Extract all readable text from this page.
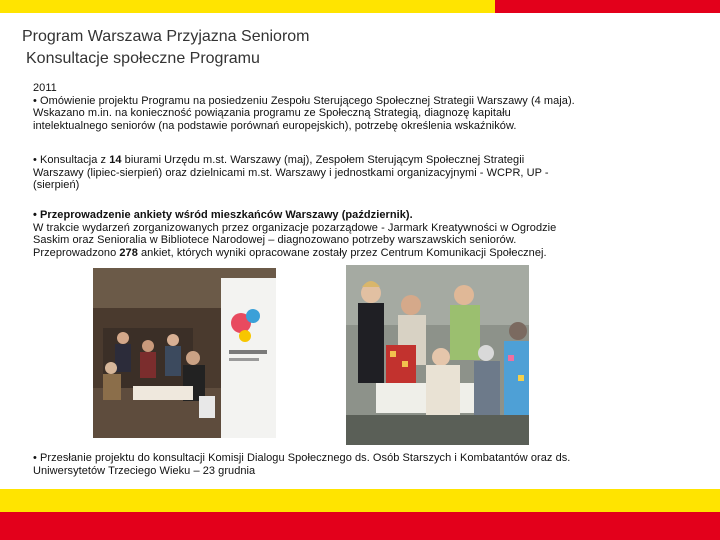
Program Warszawa Przyjazna Seniorom
Konsultacje społeczne Programu
2011
• Omówienie projektu Programu na posiedzeniu Zespołu Sterującego Społecznej Strategii Warszawy (4 maja).
Wskazano m.in. na konieczność powiązania programu ze Społeczną Strategią, diagnozę kapitału
intelektualnego seniorów (na podstawie porównań europejskich), potrzebę określenia wskaźników.
• Konsultacja z 14 biurami Urzędu m.st. Warszawy (maj), Zespołem Sterującym Społecznej Strategii
Warszawy (lipiec-sierpień) oraz dzielnicami m.st. Warszawy i jednostkami organizacyjnymi - WCPR, UP -
(sierpień)
• Przeprowadzenie ankiety wśród mieszkańców Warszawy (październik).
W trakcie wydarzeń zorganizowanych przez organizacje pozarządowe - Jarmark Kreatywności w Ogrodzie
Saskim oraz Senioralia w Bibliotece Narodowej – diagnozowano potrzeby warszawskich seniorów.
Przeprowadzono 278 ankiet, których wyniki opracowane zostały przez Centrum Komunikacji Społecznej.
• Przesłanie projektu do konsultacji Komisji Dialogu Społecznego ds. Osób Starszych i Kombatantów oraz ds.
Uniwersytetów Trzeciego Wieku – 23 grudnia
